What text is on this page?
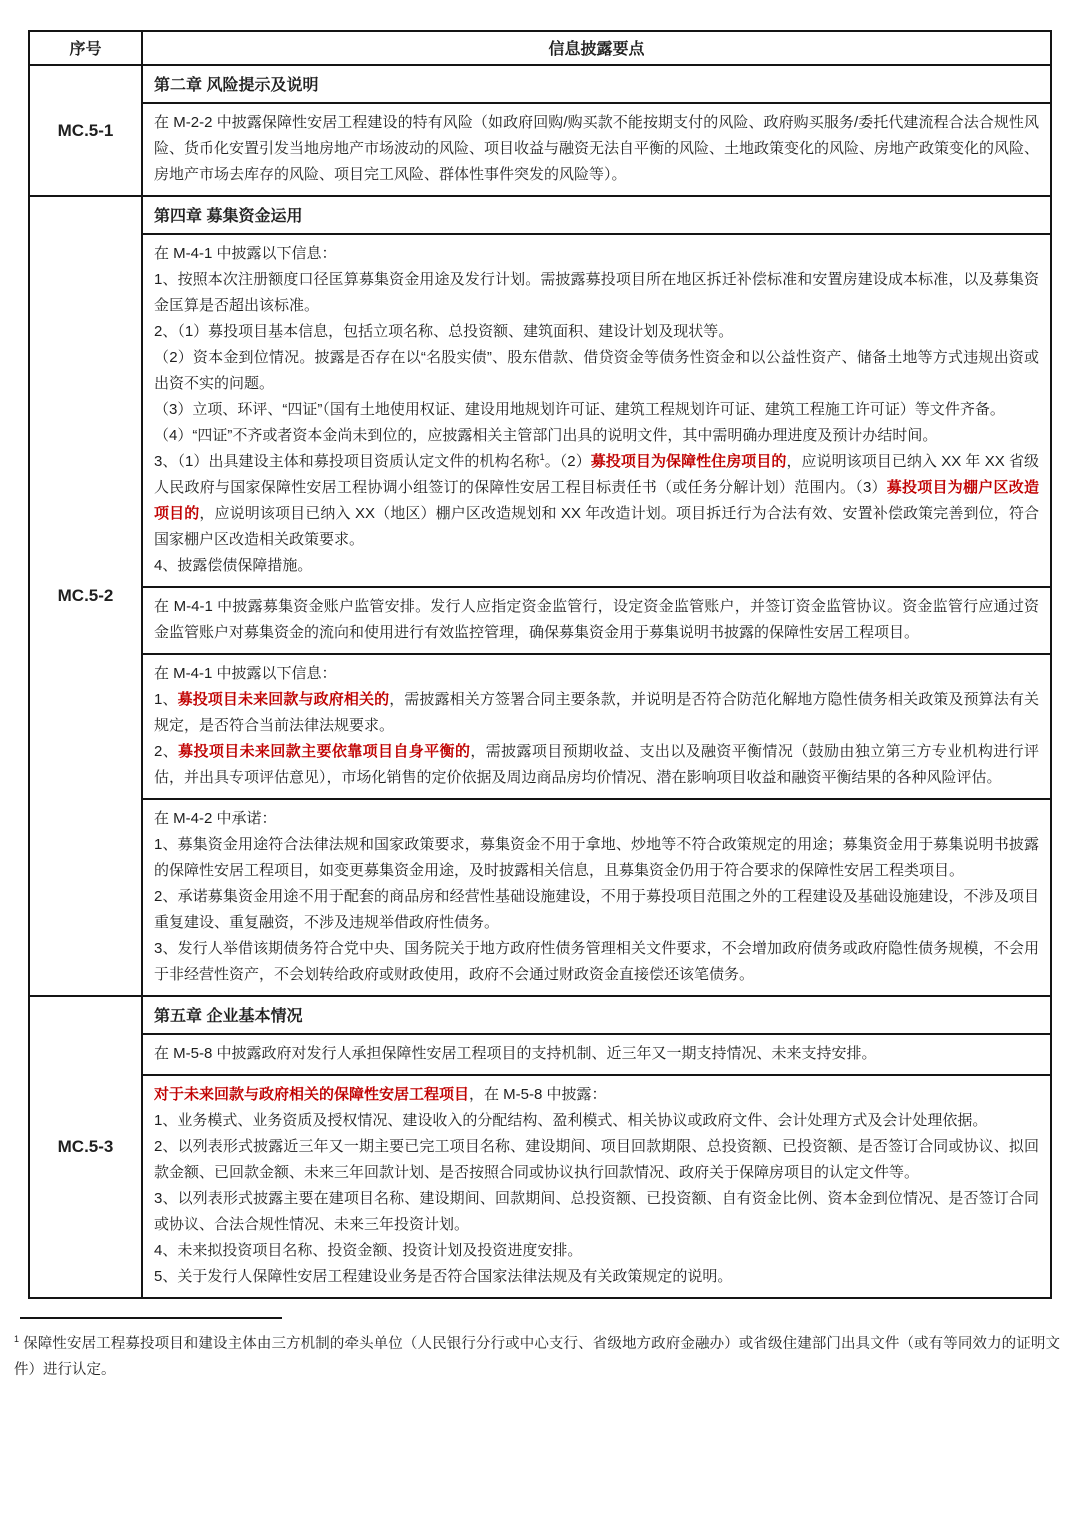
序号	信息披露要点
MC.5-1
第二章 风险提示及说明

在 M-2-2 中披露保障性安居工程建设的特有风险（如政府回购/购买款不能按期支付的风险、政府购买服务/委托代建流程合法合规性风险、货币化安置引发当地房地产市场波动的风险、项目收益与融资无法自平衡的风险、土地政策变化的风险、房地产政策变化的风险、房地产市场去库存的风险、项目完工风险、群体性事件突发的风险等）。

MC.5-2
第四章 募集资金运用

在 M-4-1 中披露以下信息：

1、按照本次注册额度口径匡算募集资金用途及发行计划。需披露募投项目所在地区拆迁补偿标准和安置房建设成本标准，以及募集资金匡算是否超出该标准。

2、（1）募投项目基本信息，包括立项名称、总投资额、建筑面积、建设计划及现状等。

（2）资本金到位情况。披露是否存在以“名股实债”、股东借款、借贷资金等债务性资金和以公益性资产、储备土地等方式违规出资或出资不实的问题。

（3）立项、环评、“四证”（国有土地使用权证、建设用地规划许可证、建筑工程规划许可证、建筑工程施工许可证）等文件齐备。

（4）“四证”不齐或者资本金尚未到位的，应披露相关主管部门出具的说明文件，其中需明确办理进度及预计办结时间。

3、（1）出具建设主体和募投项目资质认定文件的机构名称$^1$。（2）募投项目为保障性住房项目的，应说明该项目已纳入 XX 年 XX 省级人民政府与国家保障性安居工程协调小组签订的保障性安居工程目标责任书（或任务分解计划）范围内。（3）募投项目为棚户区改造项目的，应说明该项目已纳入 XX（地区）棚户区改造规划和 XX 年改造计划。项目拆迁行为合法有效、安置补偿政策完善到位，符合国家棚户区改造相关政策要求。

4、披露偿债保障措施。

在 M-4-1 中披露募集资金账户监管安排。发行人应指定资金监管行，设定资金监管账户，并签订资金监管协议。资金监管行应通过资金监管账户对募集资金的流向和使用进行有效监控管理，确保募集资金用于募集说明书披露的保障性安居工程项目。

在 M-4-1 中披露以下信息：

1、募投项目未来回款与政府相关的，需披露相关方签署合同主要条款，并说明是否符合防范化解地方隐性债务相关政策及预算法有关规定，是否符合当前法律法规要求。

2、募投项目未来回款主要依靠项目自身平衡的，需披露项目预期收益、支出以及融资平衡情况（鼓励由独立第三方专业机构进行评估，并出具专项评估意见），市场化销售的定价依据及周边商品房均价情况、潜在影响项目收益和融资平衡结果的各种风险评估。

在 M-4-2 中承诺：

1、募集资金用途符合法律法规和国家政策要求，募集资金不用于拿地、炒地等不符合政策规定的用途；募集资金用于募集说明书披露的保障性安居工程项目，如变更募集资金用途，及时披露相关信息，且募集资金仍用于符合要求的保障性安居工程类项目。

2、承诺募集资金用途不用于配套的商品房和经营性基础设施建设，不用于募投项目范围之外的工程建设及基础设施建设，不涉及项目重复建设、重复融资，不涉及违规举借政府性债务。

3、发行人举借该期债务符合党中央、国务院关于地方政府性债务管理相关文件要求，不会增加政府债务或政府隐性债务规模，不会用于非经营性资产，不会划转给政府或财政使用，政府不会通过财政资金直接偿还该笔债务。

MC.5-3
第五章 企业基本情况

在 M-5-8 中披露政府对发行人承担保障性安居工程项目的支持机制、近三年又一期支持情况、未来支持安排。

对于未来回款与政府相关的保障性安居工程项目，在 M-5-8 中披露：

1、业务模式、业务资质及授权情况、建设收入的分配结构、盈利模式、相关协议或政府文件、会计处理方式及会计处理依据。

2、以列表形式披露近三年又一期主要已完工项目名称、建设期间、项目回款期限、总投资额、已投资额、是否签订合同或协议、拟回款金额、已回款金额、未来三年回款计划、是否按照合同或协议执行回款情况、政府关于保障房项目的认定文件等。

3、以列表形式披露主要在建项目名称、建设期间、回款期间、总投资额、已投资额、自有资金比例、资本金到位情况、是否签订合同或协议、合法合规性情况、未来三年投资计划。

4、未来拟投资项目名称、投资金额、投资计划及投资进度安排。

5、关于发行人保障性安居工程建设业务是否符合国家法律法规及有关政策规定的说明。

$^1$ 保障性安居工程募投项目和建设主体由三方机制的牵头单位（人民银行分行或中心支行、省级地方政府金融办）或省级住建部门出具文件（或有等同效力的证明文件）进行认定。
